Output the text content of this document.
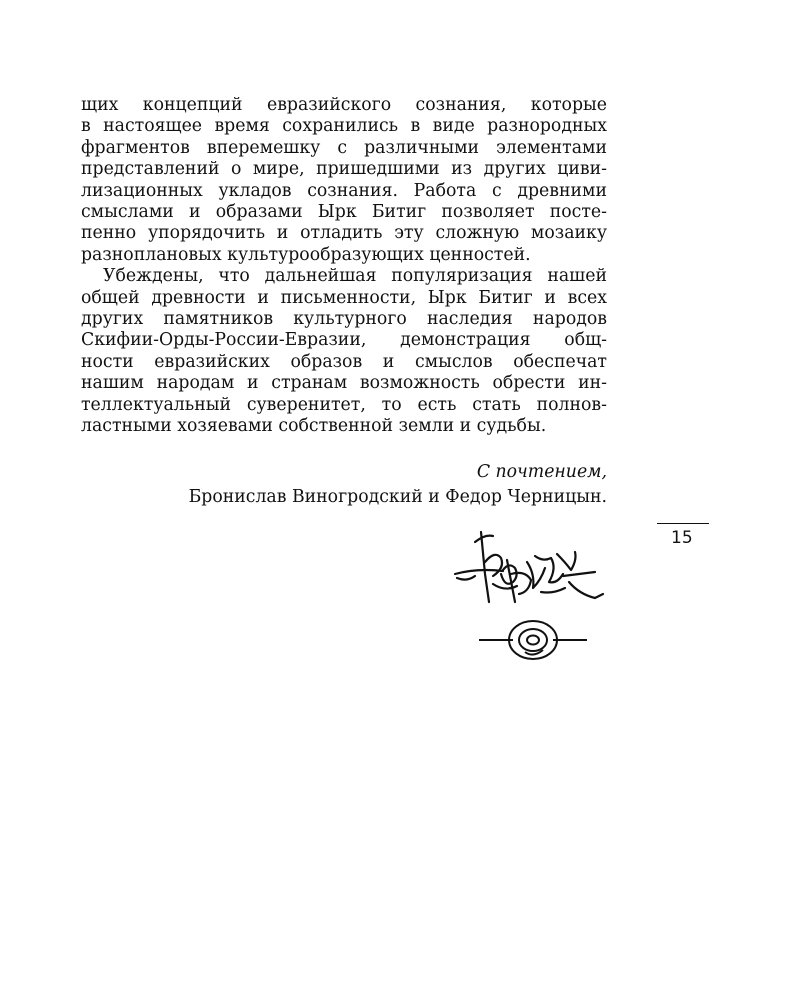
щих концепций евразийского сознания, которые
в настоящее время сохранились в виде разнородных
фрагментов вперемешку с различными элементами
представлений о мире, пришедшими из других циви-
лизационных укладов сознания. Работа с древними
смыслами и образами Ырк Битиг позволяет посте-
пенно упорядочить и отладить эту сложную мозаику
разноплановых культурообразующих ценностей.
Убеждены, что дальнейшая популяризация нашей
общей древности и письменности, Ырк Битиг и всех
других памятников культурного наследия народов
Скифии-Орды-России-Евразии, демонстрация общ-
ности евразийских образов и смыслов обеспечат
нашим народам и странам возможность обрести ин-
теллектуальный суверенитет, то есть стать полнов-
ластными хозяевами собственной земли и судьбы.
С почтением,
Бронислав Виногродский и Федор Черницын.
15
